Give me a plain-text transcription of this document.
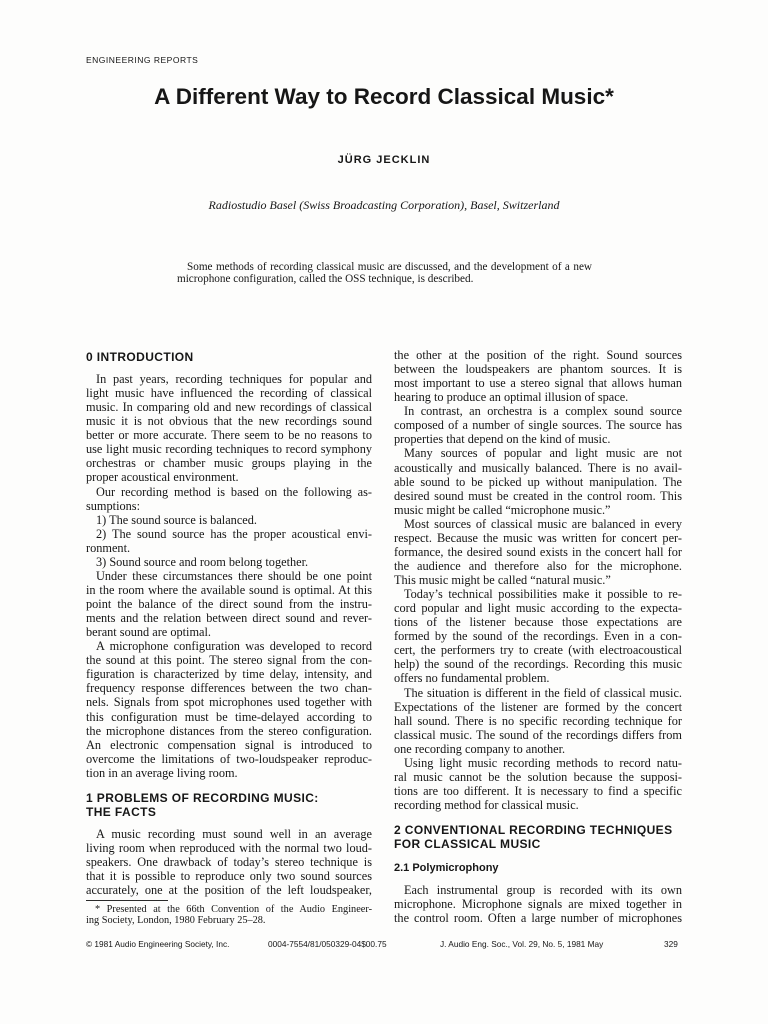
ENGINEERING REPORTS
A Different Way to Record Classical Music*
JÜRG JECKLIN
Radiostudio Basel (Swiss Broadcasting Corporation), Basel, Switzerland
Some methods of recording classical music are discussed, and the development of a new
microphone configuration, called the OSS technique, is described.
0 INTRODUCTION
In past years, recording techniques for popular and
light music have influenced the recording of classical
music. In comparing old and new recordings of classical
music it is not obvious that the new recordings sound
better or more accurate. There seem to be no reasons to
use light music recording techniques to record symphony
orchestras or chamber music groups playing in the
proper acoustical environment.
Our recording method is based on the following as-
sumptions:
1) The sound source is balanced.
2) The sound source has the proper acoustical envi-
ronment.
3) Sound source and room belong together.
Under these circumstances there should be one point
in the room where the available sound is optimal. At this
point the balance of the direct sound from the instru-
ments and the relation between direct sound and rever-
berant sound are optimal.
A microphone configuration was developed to record
the sound at this point. The stereo signal from the con-
figuration is characterized by time delay, intensity, and
frequency response differences between the two chan-
nels. Signals from spot microphones used together with
this configuration must be time-delayed according to
the microphone distances from the stereo configuration.
An electronic compensation signal is introduced to
overcome the limitations of two-loudspeaker reproduc-
tion in an average living room.
1 PROBLEMS OF RECORDING MUSIC:
THE FACTS
A music recording must sound well in an average
living room when reproduced with the normal two loud-
speakers. One drawback of today’s stereo technique is
that it is possible to reproduce only two sound sources
accurately, one at the position of the left loudspeaker,
the other at the position of the right. Sound sources
between the loudspeakers are phantom sources. It is
most important to use a stereo signal that allows human
hearing to produce an optimal illusion of space.
In contrast, an orchestra is a complex sound source
composed of a number of single sources. The source has
properties that depend on the kind of music.
Many sources of popular and light music are not
acoustically and musically balanced. There is no avail-
able sound to be picked up without manipulation. The
desired sound must be created in the control room. This
music might be called “microphone music.”
Most sources of classical music are balanced in every
respect. Because the music was written for concert per-
formance, the desired sound exists in the concert hall for
the audience and therefore also for the microphone.
This music might be called “natural music.”
Today’s technical possibilities make it possible to re-
cord popular and light music according to the expecta-
tions of the listener because those expectations are
formed by the sound of the recordings. Even in a con-
cert, the performers try to create (with electroacoustical
help) the sound of the recordings. Recording this music
offers no fundamental problem.
The situation is different in the field of classical music.
Expectations of the listener are formed by the concert
hall sound. There is no specific recording technique for
classical music. The sound of the recordings differs from
one recording company to another.
Using light music recording methods to record natu-
ral music cannot be the solution because the supposi-
tions are too different. It is necessary to find a specific
recording method for classical music.
2 CONVENTIONAL RECORDING TECHNIQUES
FOR CLASSICAL MUSIC
2.1 Polymicrophony
Each instrumental group is recorded with its own
microphone. Microphone signals are mixed together in
the control room. Often a large number of microphones
* Presented at the 66th Convention of the Audio Engineer-
ing Society, London, 1980 February 25–28.
© 1981 Audio Engineering Society, Inc.	0004-7554/81/050329-04$00.75	J. Audio Eng. Soc., Vol. 29, No. 5, 1981 May	329
